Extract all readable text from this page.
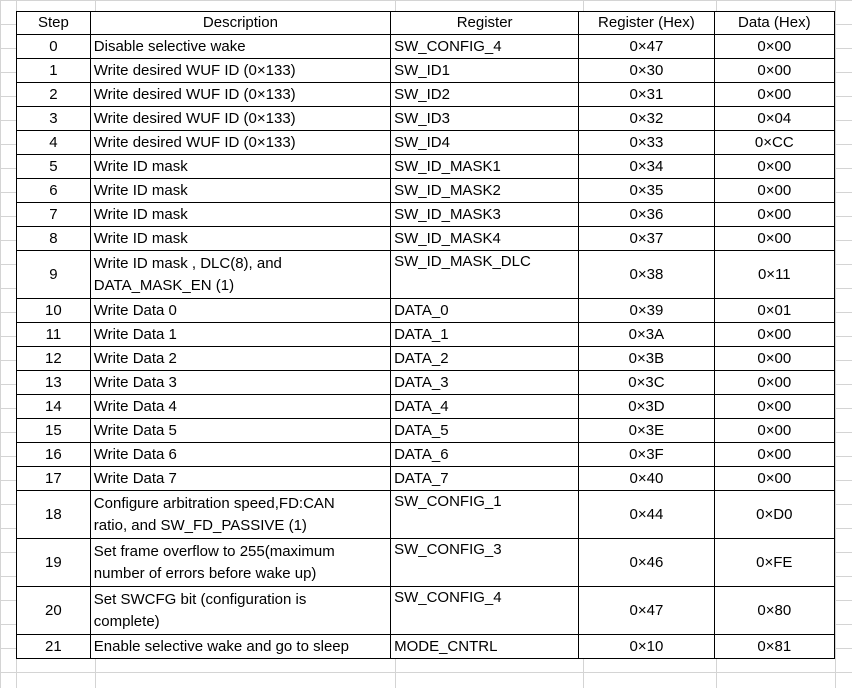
Step	Description	Register	Register (Hex)	Data (Hex)
0	Disable selective wake	SW_CONFIG_4	0×47	0×00
1	Write desired WUF ID (0×133)	SW_ID1	0×30	0×00
2	Write desired WUF ID (0×133)	SW_ID2	0×31	0×00
3	Write desired WUF ID (0×133)	SW_ID3	0×32	0×04
4	Write desired WUF ID (0×133)	SW_ID4	0×33	0×CC
5	Write ID mask	SW_ID_MASK1	0×34	0×00
6	Write ID mask	SW_ID_MASK2	0×35	0×00
7	Write ID mask	SW_ID_MASK3	0×36	0×00
8	Write ID mask	SW_ID_MASK4	0×37	0×00
9	Write ID mask , DLC(8), and
DATA_MASK_EN (1)	SW_ID_MASK_DLC	0×38	0×11
10	Write Data 0	DATA_0	0×39	0×01
11	Write Data 1	DATA_1	0×3A	0×00
12	Write Data 2	DATA_2	0×3B	0×00
13	Write Data 3	DATA_3	0×3C	0×00
14	Write Data 4	DATA_4	0×3D	0×00
15	Write Data 5	DATA_5	0×3E	0×00
16	Write Data 6	DATA_6	0×3F	0×00
17	Write Data 7	DATA_7	0×40	0×00
18	Configure arbitration speed,FD:CAN
ratio, and SW_FD_PASSIVE (1)	SW_CONFIG_1	0×44	0×D0
19	Set frame overflow to 255(maximum
number of errors before wake up)	SW_CONFIG_3	0×46	0×FE
20	Set SWCFG bit (configuration is
complete)	SW_CONFIG_4	0×47	0×80
21	Enable selective wake and go to sleep	MODE_CNTRL	0×10	0×81
